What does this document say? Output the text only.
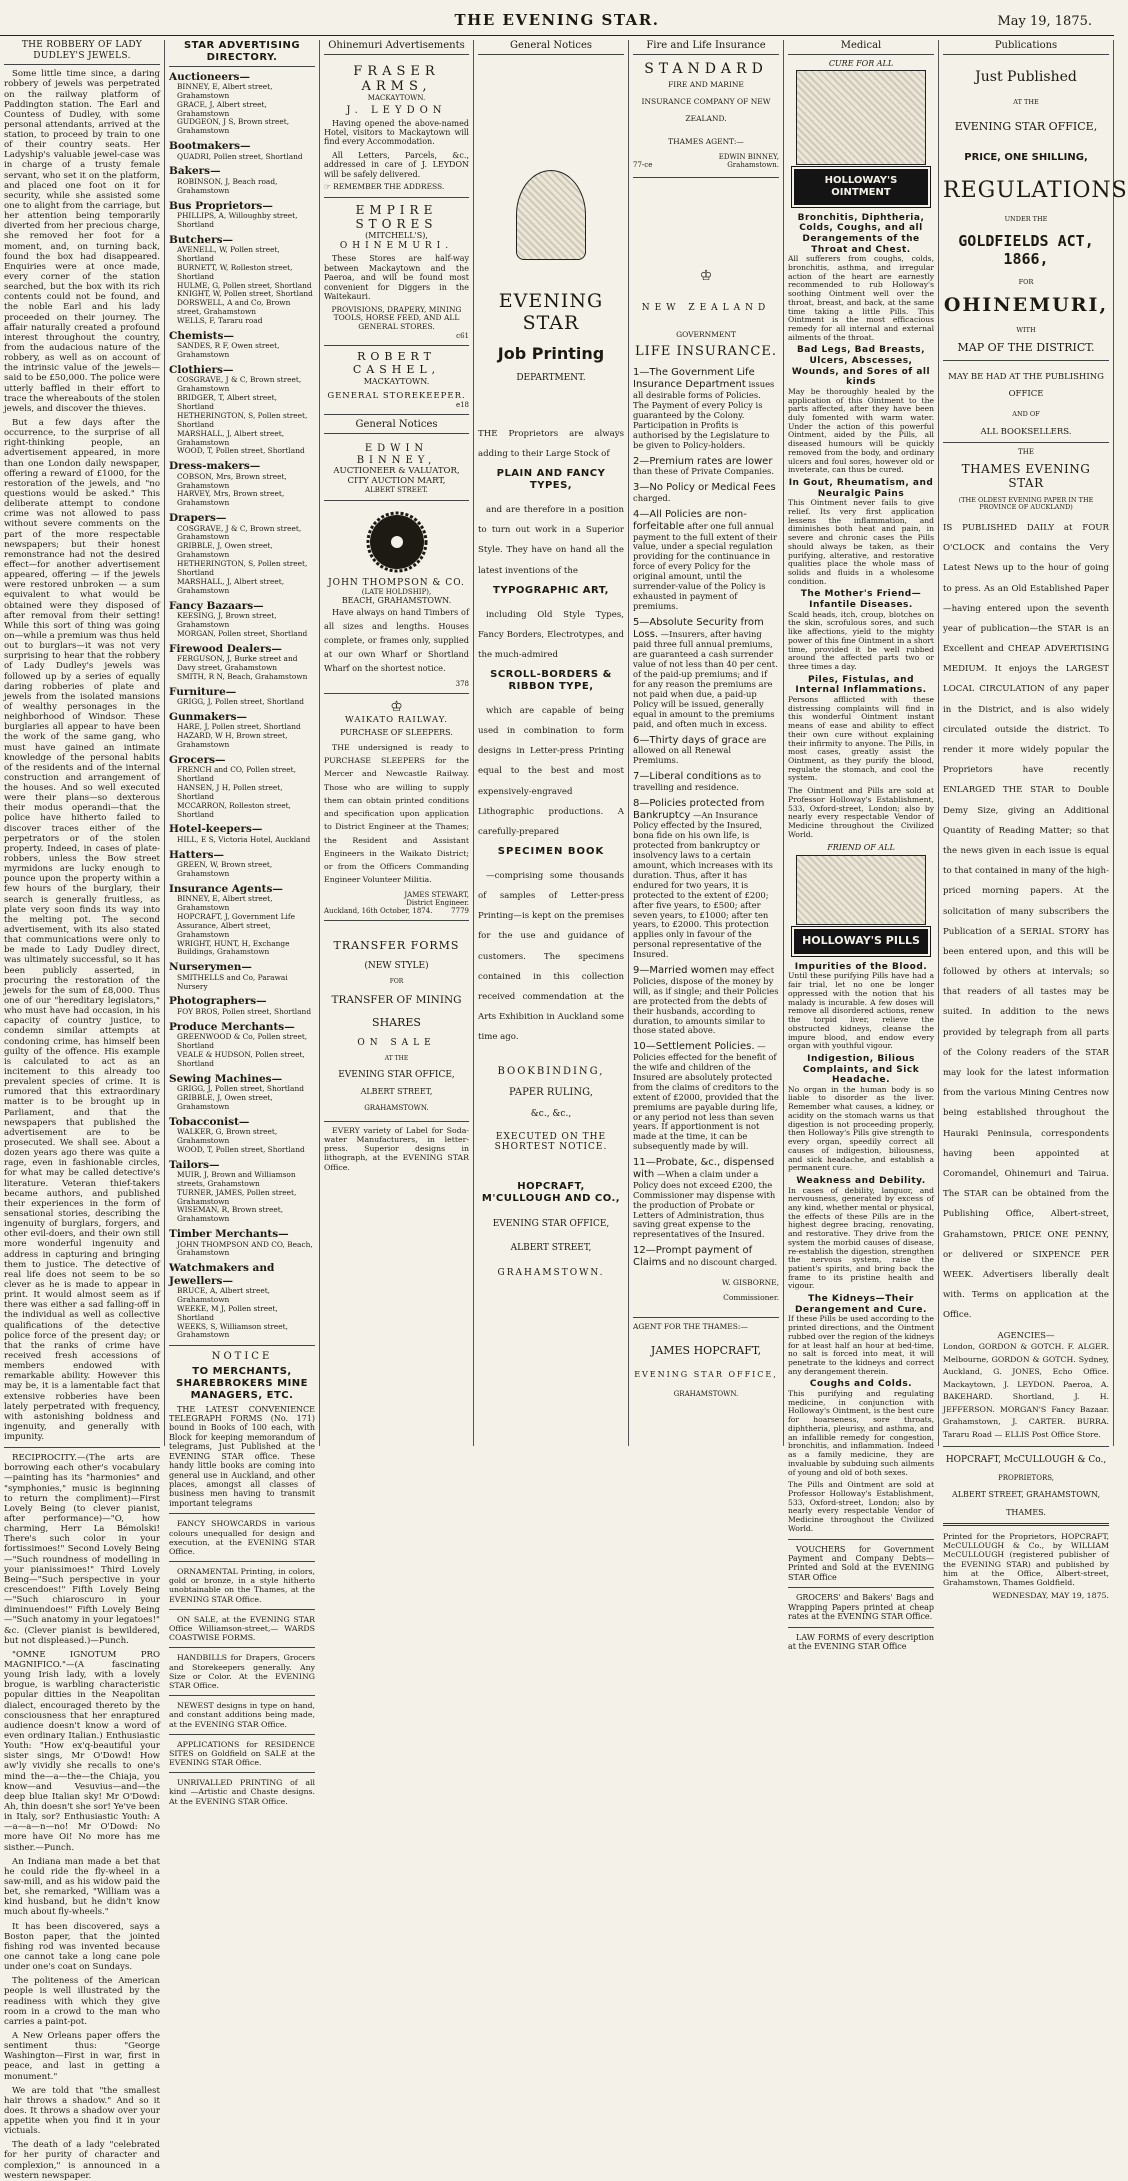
THE EVENING STAR.	May 19, 1875.
THE ROBBERY OF LADY DUDLEY'S JEWELS.

Some little time since, a daring robbery of jewels was perpetrated on the railway platform of Paddington station. The Earl and Countess of Dudley, with some personal attendants, arrived at the station, to proceed by train to one of their country seats. Her Ladyship's valuable jewel-case was in charge of a trusty female servant, who set it on the platform, and placed one foot on it for security, while she assisted some one to alight from the carriage, but her attention being temporarily diverted from her precious charge, she removed her foot for a moment, and, on turning back, found the box had disappeared. Enquiries were at once made, every corner of the station searched, but the box with its rich contents could not be found, and the noble Earl and his lady proceeded on their journey. The affair naturally created a profound interest throughout the country, from the audacious nature of the robbery, as well as on account of the intrinsic value of the jewels—said to be £50,000. The police were utterly baffled in their effort to trace the whereabouts of the stolen jewels, and discover the thieves.

But a few days after the occurrence, to the surprise of all right-thinking people, an advertisement appeared, in more than one London daily newspaper, offering a reward of £1000, for the restoration of the jewels, and "no questions would be asked." This deliberate attempt to condone crime was not allowed to pass without severe comments on the part of the more respectable newspapers; but their honest remonstrance had not the desired effect—for another advertisement appeared, offering — if the jewels were restored unbroken — a sum equivalent to what would be obtained were they disposed of after removal from their setting! While this sort of thing was going on—while a premium was thus held out to burglars—it was not very surprising to hear that the robbery of Lady Dudley's jewels was followed up by a series of equally daring robberies of plate and jewels from the isolated mansions of wealthy personages in the neighborhood of Windsor. These burglaries all appear to have been the work of the same gang, who must have gained an intimate knowledge of the personal habits of the residents and of the internal construction and arrangement of the houses. And so well executed were their plans—so dexterous their modus operandi—that the police have hitherto failed to discover traces either of the perpetrators or of the stolen property. Indeed, in cases of plate-robbers, unless the Bow street myrmidons are lucky enough to pounce upon the property within a few hours of the burglary, their search is generally fruitless, as plate very soon finds its way into the melting pot. The second advertisement, with its also stated that communications were only to be made to Lady Dudley direct, was ultimately successful, so it has been publicly asserted, in procuring the restoration of the jewels for the sum of £8,000. Thus one of our "hereditary legislators," who must have had occasion, in his capacity of country justice, to condemn similar attempts at condoning crime, has himself been guilty of the offence. His example is calculated to act as an incitement to this already too prevalent species of crime. It is rumored that this extraordinary matter is to be brought up in Parliament, and that the newspapers that published the advertisement are to be prosecuted. We shall see. About a dozen years ago there was quite a rage, even in fashionable circles, for what may be called detective's literature. Veteran thief-takers became authors, and published their experiences in the form of sensational stories, describing the ingenuity of burglars, forgers, and other evil-doers, and their own still more wonderful ingenuity and address in capturing and bringing them to justice. The detective of real life does not seem to be so clever as he is made to appear in print. It would almost seem as if there was either a sad falling-off in the individual as well as collective qualifications of the detective police force of the present day; or that the ranks of crime have received fresh accessions of members endowed with remarkable ability. However this may be, it is a lamentable fact that extensive robberies have been lately perpetrated with frequency, with astonishing boldness and ingenuity, and generally with impunity.

RECIPROCITY.—(The arts are borrowing each other's vocabulary—painting has its "harmonies" and "symphonies," music is beginning to return the compliment)—First Lovely Being (to clever pianist, after performance)—"O, how charming, Herr La Bémolski! There's such color in your fortissimoes!" Second Lovely Being—"Such roundness of modelling in your pianissimoes!" Third Lovely Being—"Such perspective in your crescendoes!" Fifth Lovely Being—"Such chiaroscuro in your diminuendoes!" Fifth Lovely Being—"Such anatomy in your legatoes!" &c. (Clever pianist is bewildered, but not displeased.)—Punch.

"OMNE IGNOTUM PRO MAGNIFICO."—(A fascinating young Irish lady, with a lovely brogue, is warbling characteristic popular ditties in the Neapolitan dialect, encouraged thereto by the consciousness that her enraptured audience doesn't know a word of even ordinary Italian.) Enthusiastic Youth: "How ex'q-beautiful your sister sings, Mr O'Dowd! How aw'ly vividly she recalls to one's mind the—a—the—the Chiaja, you know—and Vesuvius—and—the deep blue Italian sky! Mr O'Dowd: Ah, thin doesn't she sor! Ye've been in Italy, sor? Enthusiastic Youth: A—a—a—n—no! Mr O'Dowd: No more have Oi! No more has me sisther.—Punch.

An Indiana man made a bet that he could ride the fly-wheel in a saw-mill, and as his widow paid the bet, she remarked, "William was a kind husband, but he didn't know much about fly-wheels."

It has been discovered, says a Boston paper, that the jointed fishing rod was invented because one cannot take a long cane pole under one's coat on Sundays.

The politeness of the American people is well illustrated by the readiness with which they give room in a crowd to the man who carries a paint-pot.

A New Orleans paper offers the sentiment thus: "George Washington—First in war, first in peace, and last in getting a monument."

We are told that "the smallest hair throws a shadow." And so it does. It throws a shadow over your appetite when you find it in your victuals.

The death of a lady "celebrated for her purity of character and complexion," is announced in a western newspaper.

STAR ADVERTISING DIRECTORY.
Auctioneers—
BINNEY, E, Albert street, Grahamstown
GRACE, J, Albert street, Grahamstown
GUDGEON, J S, Brown street, Grahamstown
Bootmakers—
QUADRI, Pollen street, Shortland
Bakers—
ROBINSON, J, Beach road, Grahamstown
Bus Proprietors—
PHILLIPS, A, Willoughby street, Shortland
Butchers—
AVENELL, W, Pollen street, Shortland
BURNETT, W, Rolleston street, Shortland
HULME, G, Pollen street, Shortland
KNIGHT, W, Pollen street, Shortland
DORSWELL, A and Co, Brown street, Grahamstown
WELLS, F, Tararu road
Chemists—
SANDES, R F, Owen street, Grahamstown
Clothiers—
COSGRAVE, J & C, Brown street, Grahamstown
BRIDGER, T, Albert street, Shortland
HETHERINGTON, S, Pollen street, Shortland
MARSHALL, J, Albert street, Grahamstown
WOOD, T, Pollen street, Shortland
Dress-makers—
COBSON, Mrs, Brown street, Grahamstown
HARVEY, Mrs, Brown street, Grahamstown
Drapers—
COSGRAVE, J & C, Brown street, Grahamstown
GRIBBLE, J, Owen street, Grahamstown
HETHERINGTON, S, Pollen street, Shortland
MARSHALL, J, Albert street, Grahamstown
Fancy Bazaars—
KEESING, J, Brown street, Grahamstown
MORGAN, Pollen street, Shortland
Firewood Dealers—
FERGUSON, J, Burke street and Davy street, Grahamstown
SMITH, R N, Beach, Grahamstown
Furniture—
GRIGG, J, Pollen street, Shortland
Gunmakers—
HARE, J, Pollen street, Shortland
HAZARD, W H, Brown street, Grahamstown
Grocers—
FRENCH and CO, Pollen street, Shortland
HANSEN, J H, Pollen street, Shortland
MCCARRON, Rolleston street, Shortland
Hotel-keepers—
HILL, E S, Victoria Hotel, Auckland
Hatters—
GREEN, W, Brown street, Grahamstown
Insurance Agents—
BINNEY, E, Albert street, Grahamstown
HOPCRAFT, J, Government Life Assurance, Albert street, Grahamstown
WRIGHT, HUNT, H, Exchange Buildings, Grahamstown
Nurserymen—
SMITHELLS and Co, Parawai Nursery
Photographers—
FOY BROS, Pollen street, Shortland
Produce Merchants—
GREENWOOD & Co, Pollen street, Shortland
VEALE & HUDSON, Pollen street, Shortland
Sewing Machines—
GRIGG, J, Pollen street, Shortland
GRIBBLE, J, Owen street, Grahamstown
Tobacconist—
WALKER, G, Brown street, Grahamstown
WOOD, T, Pollen street, Shortland
Tailors—
MUIR, J, Brown and Williamson streets, Grahamstown
TURNER, JAMES, Pollen street, Grahamstown
WISEMAN, R, Brown street, Grahamstown
Timber Merchants—
JOHN THOMPSON AND CO, Beach, Grahamstown
Watchmakers and Jewellers—
BRUCE, A, Albert street, Grahamstown
WEEKE, M J, Pollen street, Shortland
WEEKS, S, Williamson street, Grahamstown
NOTICE
TO MERCHANTS, SHAREBROKERS MINE MANAGERS, ETC.

THE LATEST CONVENIENCE TELEGRAPH FORMS (No. 171) bound in Books of 100 each, with Block for keeping memorandum of telegrams, Just Published at the EVENING STAR office. These handy little books are coming into general use in Auckland, and other places, amongst all classes of business men having to transmit important telegrams

FANCY SHOWCARDS in various colours unequalled for design and execution, at the EVENING STAR Office.

ORNAMENTAL Printing, in colors, gold or bronze, in a style hitherto unobtainable on the Thames, at the EVENING STAR Office.

ON SALE, at the EVENING STAR Office Williamson-street,— WARDS COASTWISE FORMS.

HANDBILLS for Drapers, Grocers and Storekeepers generally. Any Size or Color. At the EVENING STAR Office.

NEWEST designs in type on hand, and constant additions being made, at the EVENING STAR Office.

APPLICATIONS for RESIDENCE SITES on Goldfield on SALE at the EVENING STAR Office.

UNRIVALLED PRINTING of all kind —Artistic and Chaste designs. At the EVENING STAR Office.

Ohinemuri Advertisements
FRASER ARMS,
MACKAYTOWN.
J. LEYDON

Having opened the above-named Hotel, visitors to Mackaytown will find every Accommodation.

All Letters, Parcels, &c., addressed in care of J. LEYDON will be safely delivered.

☞ REMEMBER THE ADDRESS.
EMPIRE STORES
(MITCHELL'S),
OHINEMURI.

These Stores are half-way between Mackaytown and the Paeroa, and will be found most convenient for Diggers in the Waitekauri.

PROVISIONS, DRAPERY, MINING TOOLS, HORSE FEED, AND ALL GENERAL STORES.
c61
ROBERT CASHEL,
MACKAYTOWN.
GENERAL STOREKEEPER.
e18
General Notices
EDWIN BINNEY,
AUCTIONEER & VALUATOR,
CITY AUCTION MART,
ALBERT STREET.
JOHN THOMPSON & CO.
(LATE HOLDSHIP),
BEACH, GRAHAMSTOWN.

Have always on hand Timbers of all sizes and lengths. Houses complete, or frames only, supplied at our own Wharf or Shortland Wharf on the shortest notice.

378
♔
WAIKATO RAILWAY.
PURCHASE OF SLEEPERS.

THE undersigned is ready to PURCHASE SLEEPERS for the Mercer and Newcastle Railway. Those who are willing to supply them can obtain printed conditions and specification upon application to District Engineer at the Thames; the Resident and Assistant Engineers in the Waikato District; or from the Officers Commanding Engineer Volunteer Militia.

JAMES STEWART,
District Engineer.
Auckland, 16th October, 1874.	7779
TRANSFER FORMS
(NEW STYLE)
FOR
TRANSFER OF MINING
SHARES
ON SALE
AT THE
EVENING STAR OFFICE,
ALBERT STREET,
GRAHAMSTOWN.

EVERY variety of Label for Soda-water Manufacturers, in letter-press. Superior designs in lithograph, at the EVENING STAR Office.

General Notices
EVENING STAR
Job Printing
DEPARTMENT.

THE Proprietors are always adding to their Large Stock of

PLAIN AND FANCY TYPES,

and are therefore in a position to turn out work in a Superior Style. They have on hand all the latest inventions of the

TYPOGRAPHIC ART,

including Old Style Types, Fancy Borders, Electrotypes, and the much-admired

SCROLL-BORDERS & RIBBON TYPE,

which are capable of being used in combination to form designs in Letter-press Printing equal to the best and most expensively-engraved Lithographic productions. A carefully-prepared

SPECIMEN BOOK

—comprising some thousands of samples of Letter-press Printing—is kept on the premises for the use and guidance of customers. The specimens contained in this collection received commendation at the Arts Exhibition in Auckland some time ago.

BOOKBINDING,
PAPER RULING,
&c., &c.,
EXECUTED ON THE SHORTEST NOTICE.
HOPCRAFT, M'CULLOUGH AND CO.,
EVENING STAR OFFICE,
ALBERT STREET,
GRAHAMSTOWN.
Fire and Life Insurance
STANDARD
FIRE AND MARINE
INSURANCE COMPANY OF NEW
ZEALAND.
THAMES AGENT:—
EDWIN BINNEY,
77-ce	Grahamstown.
♔
NEW ZEALAND
GOVERNMENT
LIFE INSURANCE.
1—The Government Life Insurance Department issues all desirable forms of Policies. The Payment of every Policy is guaranteed by the Colony. Participation in Profits is authorised by the Legislature to be given to Policy-holders.
2—Premium rates are lower than these of Private Companies.
3—No Policy or Medical Fees charged.
4—All Policies are non-forfeitable after one full annual payment to the full extent of their value, under a special regulation providing for the continuance in force of every Policy for the original amount, until the surrender-value of the Policy is exhausted in payment of premiums.
5—Absolute Security from Loss. —Insurers, after having paid three full annual premiums, are guaranteed a cash surrender value of not less than 40 per cent. of the paid-up premiums; and if for any reason the premiums are not paid when due, a paid-up Policy will be issued, generally equal in amount to the premiums paid, and often much in excess.
6—Thirty days of grace are allowed on all Renewal Premiums.
7—Liberal conditions as to travelling and residence.
8—Policies protected from Bankruptcy —An Insurance Policy effected by the Insured, bona fide on his own life, is protected from bankruptcy or insolvency laws to a certain amount, which increases with its duration. Thus, after it has endured for two years, it is protected to the extent of £200; after five years, to £500; after seven years, to £1000; after ten years, to £2000. This protection applies only in favour of the personal representative of the Insured.
9—Married women may effect Policies, dispose of the money by will, as if single; and their Policies are protected from the debts of their husbands, according to duration, to amounts similar to those stated above.
10—Settlement Policies. —Policies effected for the benefit of the wife and children of the Insured are absolutely protected from the claims of creditors to the extent of £2000, provided that the premiums are payable during life, or any period not less than seven years. If apportionment is not made at the time, it can be subsequently made by will.
11—Probate, &c., dispensed with —When a claim under a Policy does not exceed £200, the Commissioner may dispense with the production of Probate or Letters of Administration, thus saving great expense to the representatives of the Insured.
12—Prompt payment of Claims and no discount charged.
W. GISBORNE,
Commissioner.
AGENT FOR THE THAMES:—
JAMES HOPCRAFT,
EVENING STAR OFFICE,
GRAHAMSTOWN.
Medical
CURE FOR ALL
HOLLOWAY'S OINTMENT
Bronchitis, Diphtheria, Colds, Coughs, and all Derangements of the Throat and Chest.
All sufferers from coughs, colds, bronchitis, asthma, and irregular action of the heart are earnestly recommended to rub Holloway's soothing Ointment well over the throat, breast, and back, at the same time taking a little Pills. This Ointment is the most efficacious remedy for all internal and external ailments of the throat.
Bad Legs, Bad Breasts, Ulcers, Abscesses, Wounds, and Sores of all kinds
May be thoroughly healed by the application of this Ointment to the parts affected, after they have been duly fomented with warm water. Under the action of this powerful Ointment, aided by the Pills, all diseased humours will be quickly removed from the body, and ordinary ulcers and foul sores, however old or inveterate, can thus be cured.
In Gout, Rheumatism, and Neuralgic Pains
This Ointment never fails to give relief. Its very first application lessens the inflammation, and diminishes both heat and pain, in severe and chronic cases the Pills should always be taken, as their purifying, alterative, and restorative qualities place the whole mass of solids and fluids in a wholesome condition.
The Mother's Friend—Infantile Diseases.
Scald heads, itch, croup, blotches on the skin, scrofulous sores, and such like affections, yield to the mighty power of this fine Ointment in a short time, provided it be well rubbed around the affected parts two or three times a day.
Piles, Fistulas, and Internal Inflammations.
Persons afflicted with these distressing complaints will find in this wonderful Ointment instant means of ease and ability to effect their own cure without explaining their infirmity to anyone. The Pills, in most cases, greatly assist the Ointment, as they purify the blood, regulate the stomach, and cool the system.
The Ointment and Pills are sold at Professor Holloway's Establishment, 533, Oxford-street, London; also by nearly every respectable Vendor of Medicine throughout the Civilized World.
FRIEND OF ALL
HOLLOWAY'S PILLS
Impurities of the Blood.
Until these purifying Pills have had a fair trial, let no one be longer oppressed with the notion that his malady is incurable. A few doses will remove all disordered actions, renew the torpid liver, relieve the obstructed kidneys, cleanse the impure blood, and endow every organ with youthful vigour.
Indigestion, Bilious Complaints, and Sick Headache.
No organ in the human body is so liable to disorder as the liver. Remember what causes, a kidney, or acidity on the stomach warns us that digestion is not proceeding properly, then Holloway's Pills give strength to every organ, speedily correct all causes of indigestion, biliousness, and sick headache, and establish a permanent cure.
Weakness and Debility.
In cases of debility, languor, and nervousness, generated by excess of any kind, whether mental or physical, the effects of these Pills are in the highest degree bracing, renovating, and restorative. They drive from the system the morbid causes of disease, re-establish the digestion, strengthen the nervous system, raise the patient's spirits, and bring back the frame to its pristine health and vigour.
The Kidneys—Their Derangement and Cure.
If these Pills be used according to the printed directions, and the Ointment rubbed over the region of the kidneys for at least half an hour at bed-time, no salt is forced into meat, it will penetrate to the kidneys and correct any derangement therein.
Coughs and Colds.
This purifying and regulating medicine, in conjunction with Holloway's Ointment, is the best cure for hoarseness, sore throats, diphtheria, pleurisy, and asthma, and an infallible remedy for congestion, bronchitis, and inflammation. Indeed as a family medicine, they are invaluable by subduing such ailments of young and old of both sexes.
The Pills and Ointment are sold at Professor Holloway's Establishment, 533, Oxford-street, London; also by nearly every respectable Vendor of Medicine throughout the Civilized World.

VOUCHERS for Government Payment and Company Debts—Printed and Sold at the EVENING STAR Office

GROCERS' and Bakers' Bags and Wrapping Papers printed at cheap rates at the EVENING STAR Office.

LAW FORMS of every description at the EVENING STAR Office

Publications
Just Published
AT THE
EVENING STAR OFFICE,
PRICE, ONE SHILLING,
REGULATIONS
UNDER THE
GOLDFIELDS ACT, 1866,
FOR
OHINEMURI,
WITH
MAP OF THE DISTRICT.
MAY BE HAD AT THE PUBLISHING OFFICE
AND OF
ALL BOOKSELLERS.
THE
THAMES EVENING STAR
(THE OLDEST EVENING PAPER IN THE PROVINCE OF AUCKLAND)

IS PUBLISHED DAILY at FOUR O'CLOCK and contains the Very Latest News up to the hour of going to press. As an Old Established Paper—having entered upon the seventh year of publication—the STAR is an Excellent and CHEAP ADVERTISING MEDIUM. It enjoys the LARGEST LOCAL CIRCULATION of any paper in the District, and is also widely circulated outside the district. To render it more widely popular the Proprietors have recently ENLARGED THE STAR to Double Demy Size, giving an Additional Quantity of Reading Matter; so that the news given in each issue is equal to that contained in many of the high-priced morning papers. At the solicitation of many subscribers the Publication of a SERIAL STORY has been entered upon, and this will be followed by others at intervals; so that readers of all tastes may be suited. In addition to the news provided by telegraph from all parts of the Colony readers of the STAR may look for the latest information from the various Mining Centres now being established throughout the Hauraki Peninsula, correspondents having been appointed at Coromandel, Ohinemuri and Tairua. The STAR can be obtained from the Publishing Office, Albert-street, Grahamstown, PRICE ONE PENNY, or delivered or SIXPENCE PER WEEK. Advertisers liberally dealt with. Terms on application at the Office.

AGENCIES—

London, GORDON & GOTCH. F. ALGER. Melbourne, GORDON & GOTCH. Sydney, Auckland, G. JONES, Echo Office. Mackaytown, J. LEYDON. Paeroa, A. BAKEHARD. Shortland, J. H. JEFFERSON. MORGAN'S Fancy Bazaar. Grahamstown, J. CARTER. BURRA. Tararu Road — ELLIS Post Office Store.

HOPCRAFT, McCULLOUGH & Co.,
PROPRIETORS,
ALBERT STREET, GRAHAMSTOWN,
THAMES.

Printed for the Proprietors, HOPCRAFT, McCULLOUGH & Co., by WILLIAM McCULLOUGH (registered publisher of the EVENING STAR) and published by him at the Office, Albert-street, Grahamstown, Thames Goldfield.

WEDNESDAY, MAY 19, 1875.
